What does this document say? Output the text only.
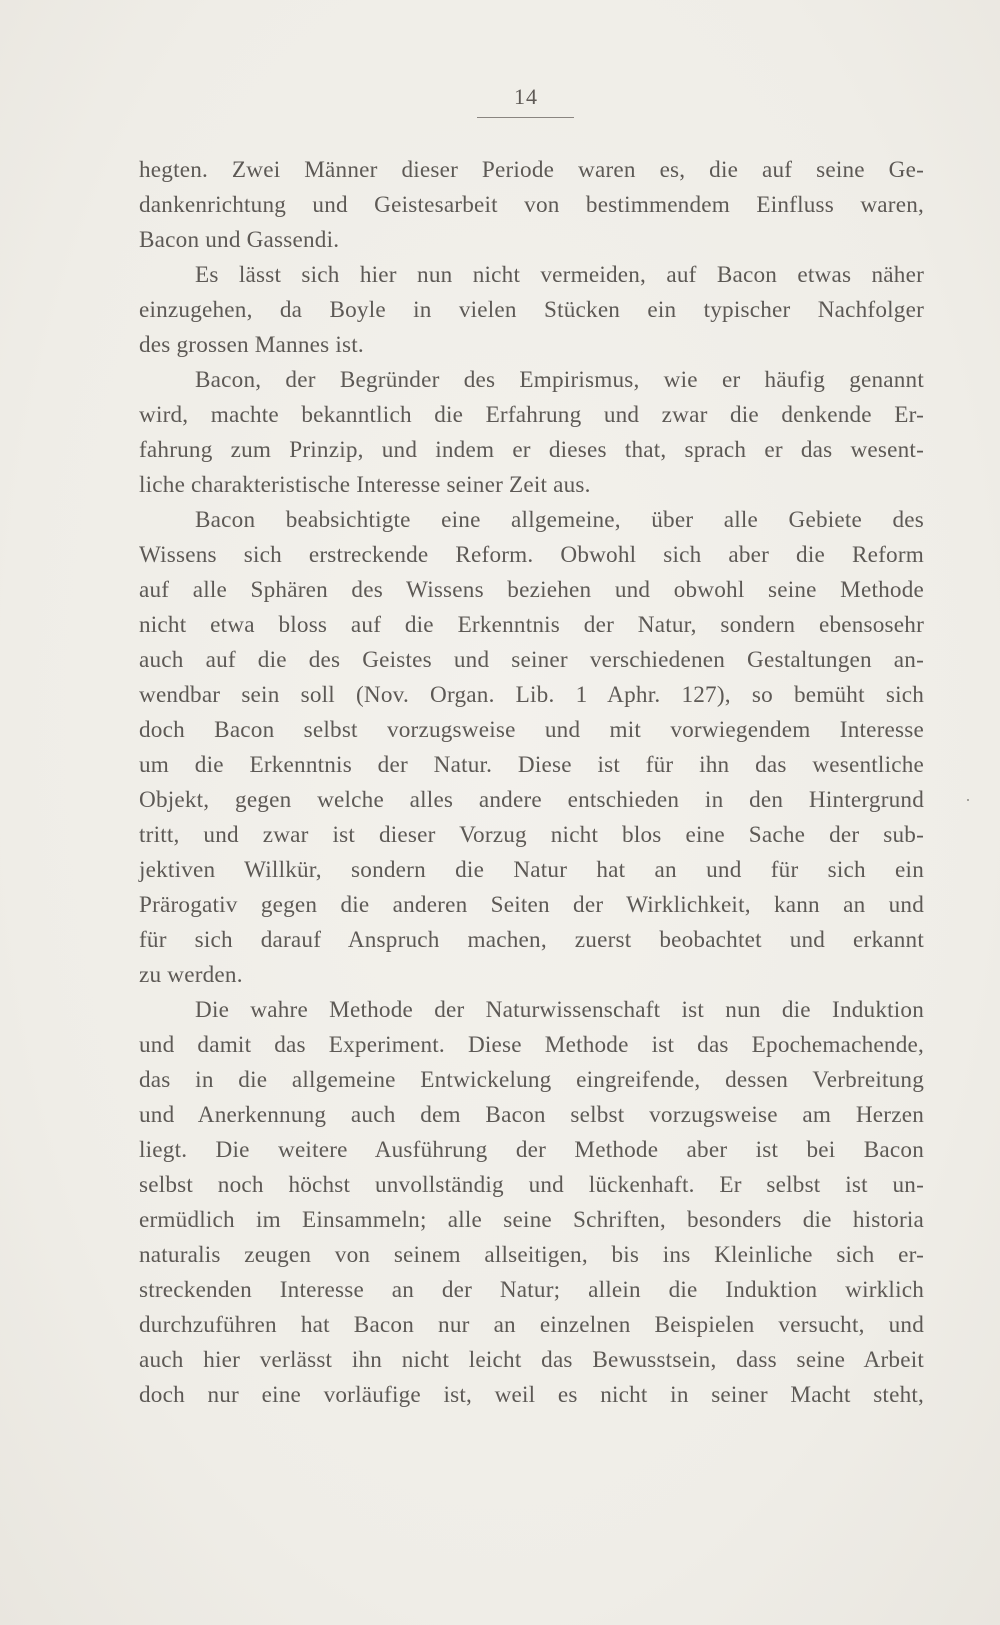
14
hegten. Zwei Männer dieser Periode waren es, die auf seine Ge-
dankenrichtung und Geistesarbeit von bestimmendem Einfluss waren,
Bacon und Gassendi.
Es lässt sich hier nun nicht vermeiden, auf Bacon etwas näher
einzugehen, da Boyle in vielen Stücken ein typischer Nachfolger
des grossen Mannes ist.
Bacon, der Begründer des Empirismus, wie er häufig genannt
wird, machte bekanntlich die Erfahrung und zwar die denkende Er-
fahrung zum Prinzip, und indem er dieses that, sprach er das wesent-
liche charakteristische Interesse seiner Zeit aus.
Bacon beabsichtigte eine allgemeine, über alle Gebiete des
Wissens sich erstreckende Reform. Obwohl sich aber die Reform
auf alle Sphären des Wissens beziehen und obwohl seine Methode
nicht etwa bloss auf die Erkenntnis der Natur, sondern ebensosehr
auch auf die des Geistes und seiner verschiedenen Gestaltungen an-
wendbar sein soll (Nov. Organ. Lib. 1 Aphr. 127), so bemüht sich
doch Bacon selbst vorzugsweise und mit vorwiegendem Interesse
um die Erkenntnis der Natur. Diese ist für ihn das wesentliche
Objekt, gegen welche alles andere entschieden in den Hintergrund
tritt, und zwar ist dieser Vorzug nicht blos eine Sache der sub-
jektiven Willkür, sondern die Natur hat an und für sich ein
Prärogativ gegen die anderen Seiten der Wirklichkeit, kann an und
für sich darauf Anspruch machen, zuerst beobachtet und erkannt
zu werden.
Die wahre Methode der Naturwissenschaft ist nun die Induktion
und damit das Experiment. Diese Methode ist das Epochemachende,
das in die allgemeine Entwickelung eingreifende, dessen Verbreitung
und Anerkennung auch dem Bacon selbst vorzugsweise am Herzen
liegt. Die weitere Ausführung der Methode aber ist bei Bacon
selbst noch höchst unvollständig und lückenhaft. Er selbst ist un-
ermüdlich im Einsammeln; alle seine Schriften, besonders die historia
naturalis zeugen von seinem allseitigen, bis ins Kleinliche sich er-
streckenden Interesse an der Natur; allein die Induktion wirklich
durchzuführen hat Bacon nur an einzelnen Beispielen versucht, und
auch hier verlässt ihn nicht leicht das Bewusstsein, dass seine Arbeit
doch nur eine vorläufige ist, weil es nicht in seiner Macht steht,
